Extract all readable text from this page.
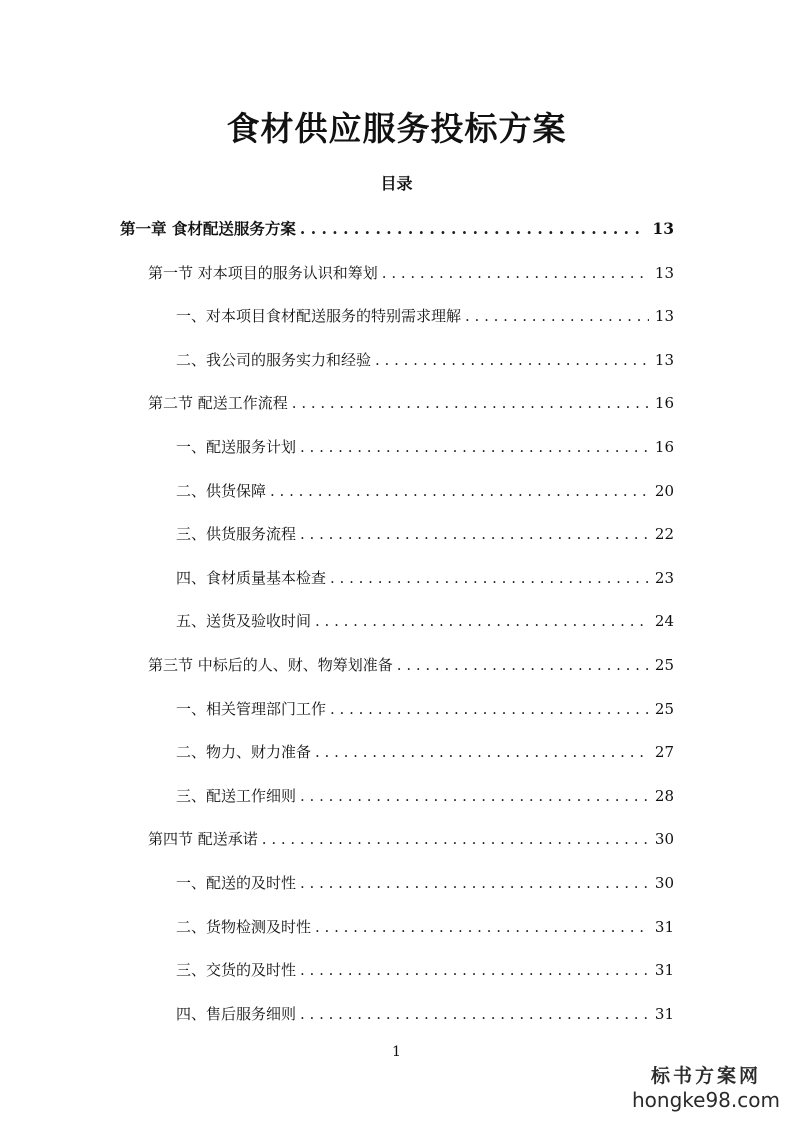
食材供应服务投标方案
目录
第一章 食材配送服务方案 . . .	13
第一节 对本项目的服务认识和筹划 . . .	13
一、对本项目食材配送服务的特别需求理解 . . .	13
二、我公司的服务实力和经验 . . .	13
第二节 配送工作流程 . . .	16
一、配送服务计划 . . .	16
二、供货保障 . . .	20
三、供货服务流程 . . .	22
四、食材质量基本检查 . . .	23
五、送货及验收时间 . . .	24
第三节 中标后的人、财、物筹划准备 . . .	25
一、相关管理部门工作 . . .	25
二、物力、财力准备 . . .	27
三、配送工作细则 . . .	28
第四节 配送承诺 . . .	30
一、配送的及时性 . . .	30
二、货物检测及时性 . . .	31
三、交货的及时性 . . .	31
四、售后服务细则 . . .	31
1
标书方案网
hongke98.com
